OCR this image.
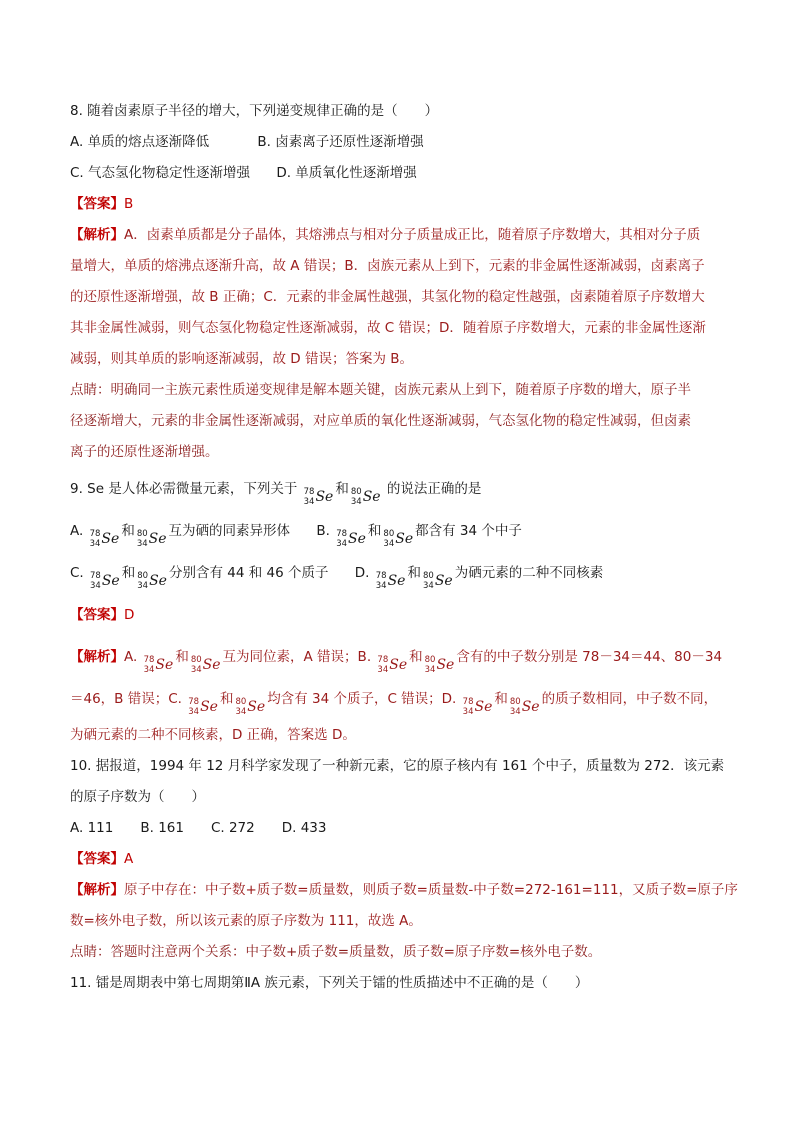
8. 随着卤素原子半径的增大，下列递变规律正确的是（　　）
A. 单质的熔点逐渐降低	B. 卤素离子还原性逐渐增强
C. 气态氢化物稳定性逐渐增强 D. 单质氧化性逐渐增强
【答案】B
【解析】A．卤素单质都是分子晶体，其熔沸点与相对分子质量成正比，随着原子序数增大，其相对分子质
量增大，单质的熔沸点逐渐升高，故 A 错误；B．卤族元素从上到下，元素的非金属性逐渐减弱，卤素离子
的还原性逐渐增强，故 B 正确；C．元素的非金属性越强，其氢化物的稳定性越强，卤素随着原子序数增大
其非金属性减弱，则气态氢化物稳定性逐渐减弱，故 C 错误；D．随着原子序数增大，元素的非金属性逐渐
减弱，则其单质的影响逐渐减弱，故 D 错误；答案为 B。
点睛：明确同一主族元素性质递变规律是解本题关键，卤族元素从上到下，随着原子序数的增大，原子半
径逐渐增大，元素的非金属性逐渐减弱，对应单质的氧化性逐渐减弱，气态氢化物的稳定性减弱，但卤素
离子的还原性逐渐增强。
9. Se 是人体必需微量元素，下列关于 78
34 Se 和 80
34 Se 的说法正确的是
A. 78
34 Se 和 80
34 Se 互为硒的同素异形体 B. 78
34 Se 和 80
34 Se 都含有 34 个中子
C. 78
34 Se 和 80
34 Se 分别含有 44 和 46 个质子 D. 78
34 Se 和 80
34 Se 为硒元素的二种不同核素
【答案】D
【解析】A. 78
34 Se 和 80
34 Se 互为同位素，A 错误；B. 78
34 Se 和 80
34 Se 含有的中子数分别是 78－34＝44、80－34
＝46，B 错误；C. 78
34 Se 和 80
34 Se 均含有 34 个质子，C 错误；D. 78
34 Se 和 80
34 Se 的质子数相同，中子数不同，
为硒元素的二种不同核素，D 正确，答案选 D。
10. 据报道，1994 年 12 月科学家发现了一种新元素，它的原子核内有 161 个中子，质量数为 272．该元素
的原子序数为（　　）
A. 111　　B. 161　　C. 272　　D. 433
【答案】A
【解析】原子中存在：中子数+质子数=质量数，则质子数=质量数-中子数=272-161=111，又质子数=原子序
数=核外电子数，所以该元素的原子序数为 111，故选 A。
点睛：答题时注意两个关系：中子数+质子数=质量数，质子数=原子序数=核外电子数。
11. 镭是周期表中第七周期第ⅡA 族元素，下列关于镭的性质描述中不正确的是（　　）
